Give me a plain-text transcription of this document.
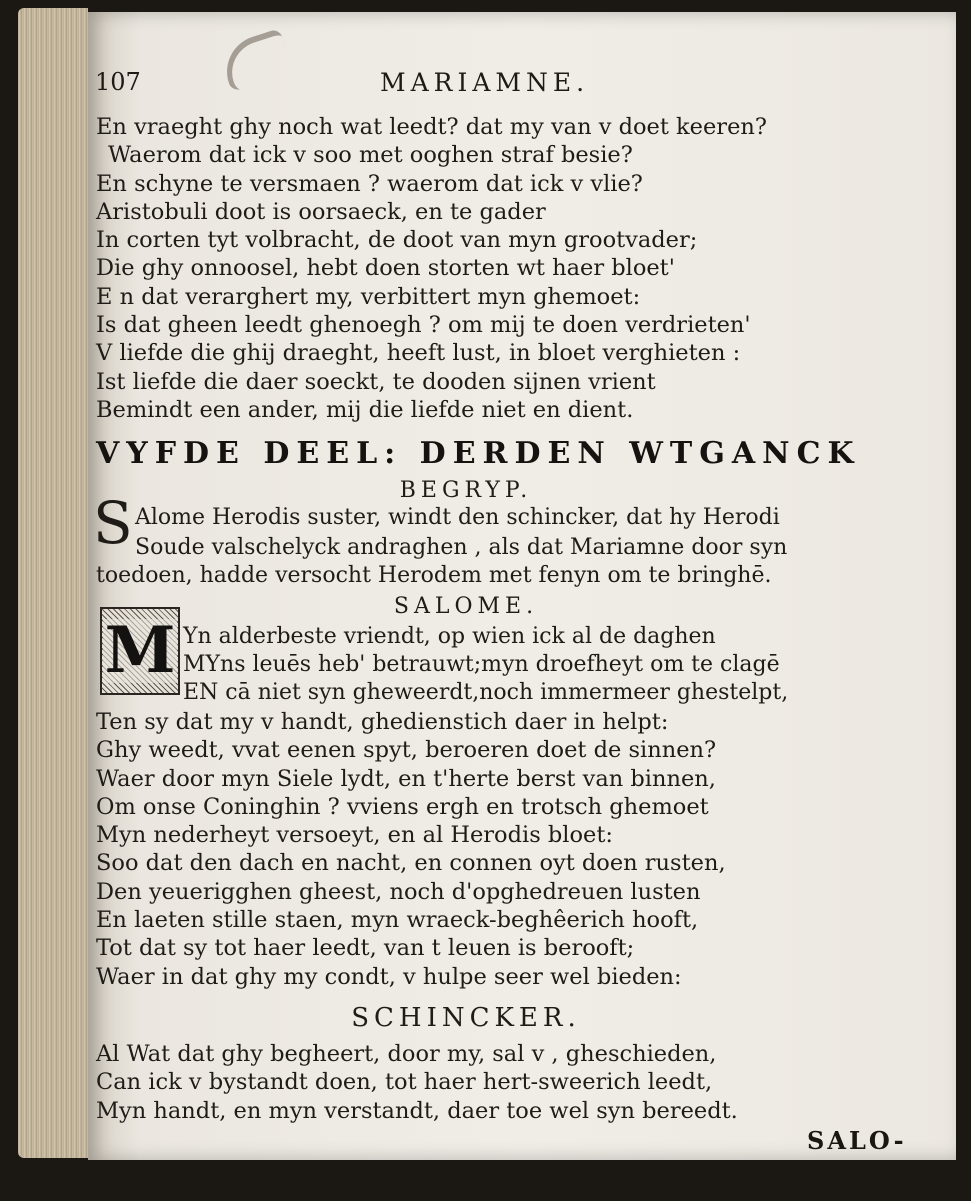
107	MARIAMNE.
En vraeght ghy noch wat leedt? dat my van v doet keeren?
Waerom dat ick v soo met ooghen straf besie?
En schyne te versmaen ? waerom dat ick v vlie?
Aristobuli doot is oorsaeck, en te gader
In corten tyt volbracht, de doot van myn grootvader;
Die ghy onnoosel, hebt doen storten wt haer bloet'
E n dat verarghert my, verbittert myn ghemoet:
Is dat gheen leedt ghenoegh ? om mij te doen verdrieten'
V liefde die ghij draeght, heeft lust, in bloet verghieten :
Ist liefde die daer soeckt, te dooden sijnen vrient
Bemindt een ander, mij die liefde niet en dient.
VYFDE DEEL: DERDEN WTGANCK
BEGRYP.
S Alome Herodis suster, windt den schincker, dat hy Herodi
Soude valschelyck andraghen , als dat Mariamne door syn
toedoen, hadde versocht Herodem met fenyn om te bringhē.
SALOME.
M Yn alderbeste vriendt, op wien ick al de daghen
MYns leuēs heb' betrauwt;myn droefheyt om te clagē
EN cā niet syn gheweerdt,noch immermeer ghestelpt,
Ten sy dat my v handt, ghedienstich daer in helpt:
Ghy weedt, vvat eenen spyt, beroeren doet de sinnen?
Waer door myn Siele lydt, en t'herte berst van binnen,
Om onse Coninghin ? vviens ergh en trotsch ghemoet
Myn nederheyt versoeyt, en al Herodis bloet:
Soo dat den dach en nacht, en connen oyt doen rusten,
Den yeuerigghen gheest, noch d'opghedreuen lusten
En laeten stille staen, myn wraeck-beghêerich hooft,
Tot dat sy tot haer leedt, van t leuen is berooft;
Waer in dat ghy my condt, v hulpe seer wel bieden:
SCHINCKER.
Al Wat dat ghy begheert, door my, sal v , gheschieden,
Can ick v bystandt doen, tot haer hert-sweerich leedt,
Myn handt, en myn verstandt, daer toe wel syn bereedt.
SALO-
